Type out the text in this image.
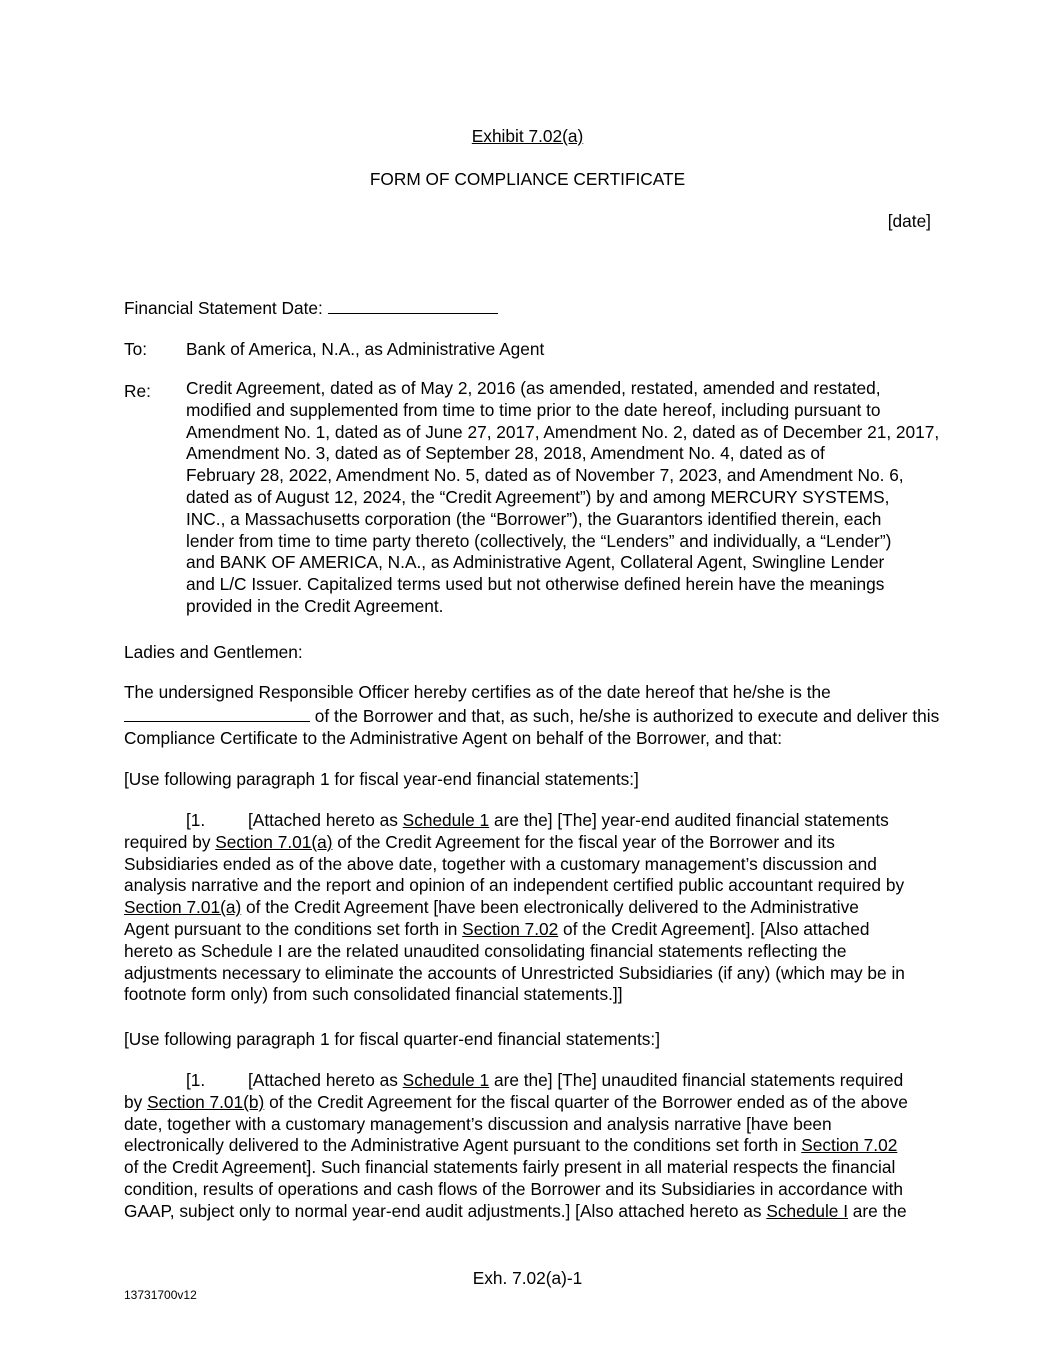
Exhibit 7.02(a)

FORM OF COMPLIANCE CERTIFICATE

[date]

Financial Statement Date:

To: Bank of America, N.A., as Administrative Agent

Re: Credit Agreement, dated as of May 2, 2016 (as amended, restated, amended and restated,
modified and supplemented from time to time prior to the date hereof, including pursuant to
Amendment No. 1, dated as of June 27, 2017, Amendment No. 2, dated as of December 21, 2017,
Amendment No. 3, dated as of September 28, 2018, Amendment No. 4, dated as of
February 28, 2022, Amendment No. 5, dated as of November 7, 2023, and Amendment No. 6,
dated as of August 12, 2024, the “Credit Agreement”) by and among MERCURY SYSTEMS,
INC., a Massachusetts corporation (the “Borrower”), the Guarantors identified therein, each
lender from time to time party thereto (collectively, the “Lenders” and individually, a “Lender”)
and BANK OF AMERICA, N.A., as Administrative Agent, Collateral Agent, Swingline Lender
and L/C Issuer. Capitalized terms used but not otherwise defined herein have the meanings
provided in the Credit Agreement.

Ladies and Gentlemen:

The undersigned Responsible Officer hereby certifies as of the date hereof that he/she is the
of the Borrower and that, as such, he/she is authorized to execute and deliver this
Compliance Certificate to the Administrative Agent on behalf of the Borrower, and that:

[Use following paragraph 1 for fiscal year-end financial statements:]

[1. [Attached hereto as Schedule 1 are the] [The] year-end audited financial statements
required by Section 7.01(a) of the Credit Agreement for the fiscal year of the Borrower and its
Subsidiaries ended as of the above date, together with a customary management’s discussion and
analysis narrative and the report and opinion of an independent certified public accountant required by
Section 7.01(a) of the Credit Agreement [have been electronically delivered to the Administrative
Agent pursuant to the conditions set forth in Section 7.02 of the Credit Agreement]. [Also attached
hereto as Schedule I are the related unaudited consolidating financial statements reflecting the
adjustments necessary to eliminate the accounts of Unrestricted Subsidiaries (if any) (which may be in
footnote form only) from such consolidated financial statements.]]

[Use following paragraph 1 for fiscal quarter-end financial statements:]

[1. [Attached hereto as Schedule 1 are the] [The] unaudited financial statements required
by Section 7.01(b) of the Credit Agreement for the fiscal quarter of the Borrower ended as of the above
date, together with a customary management’s discussion and analysis narrative [have been
electronically delivered to the Administrative Agent pursuant to the conditions set forth in Section 7.02
of the Credit Agreement]. Such financial statements fairly present in all material respects the financial
condition, results of operations and cash flows of the Borrower and its Subsidiaries in accordance with
GAAP, subject only to normal year-end audit adjustments.] [Also attached hereto as Schedule I are the

Exh. 7.02(a)-1

13731700v12
